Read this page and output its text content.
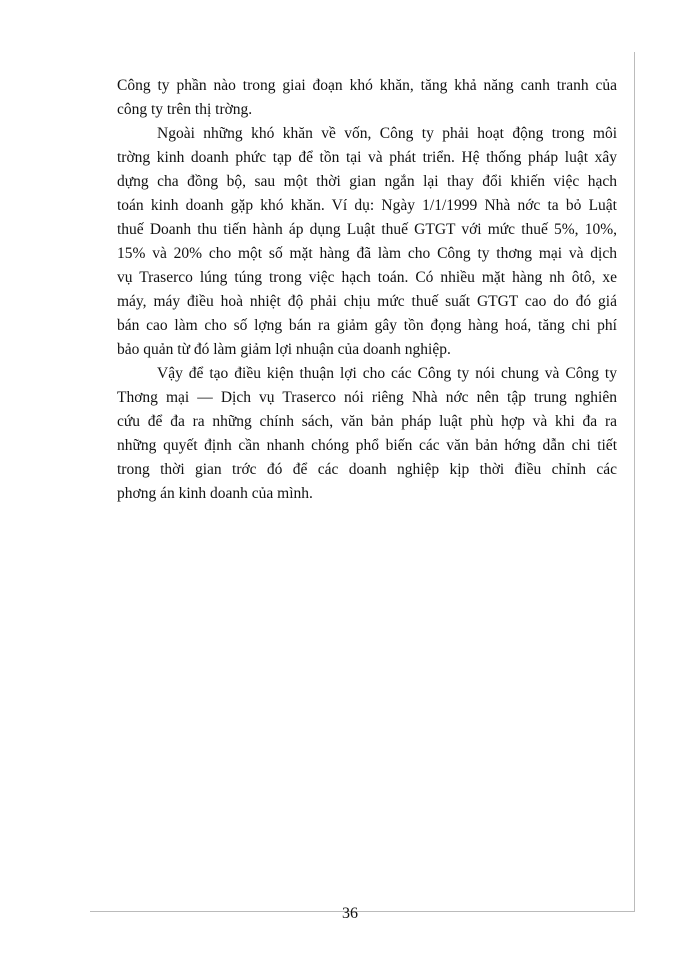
Công ty phần nào trong giai đoạn khó khăn, tăng khả năng canh tranh của
công ty trên thị trờng.
Ngoài những khó khăn về vốn, Công ty phải hoạt động trong môi
trờng kinh doanh phức tạp để tồn tại và phát triển. Hệ thống pháp luật xây
dựng cha đồng bộ, sau một thời gian ngắn lại thay đổi khiến việc hạch
toán kinh doanh gặp khó khăn. Ví dụ: Ngày 1/1/1999 Nhà nớc ta bỏ Luật
thuế Doanh thu tiến hành áp dụng Luật thuế GTGT với mức thuế 5%, 10%,
15% và 20% cho một số mặt hàng đã làm cho Công ty thơng mại và dịch
vụ Traserco lúng túng trong việc hạch toán. Có nhiều mặt hàng nh ôtô, xe
máy, máy điều hoà nhiệt độ phải chịu mức thuế suất GTGT cao do đó giá
bán cao làm cho số lợng bán ra giảm gây tồn đọng hàng hoá, tăng chi phí
bảo quản từ đó làm giảm lợi nhuận của doanh nghiệp.
Vậy để tạo điều kiện thuận lợi cho các Công ty nói chung và Công ty
Thơng mại — Dịch vụ Traserco nói riêng Nhà nớc nên tập trung nghiên
cứu để đa ra những chính sách, văn bản pháp luật phù hợp và khi đa ra
những quyết định cần nhanh chóng phổ biến các văn bản hớng dẫn chi tiết
trong thời gian trớc đó để các doanh nghiệp kịp thời điều chỉnh các
phơng án kinh doanh của mình.
36
